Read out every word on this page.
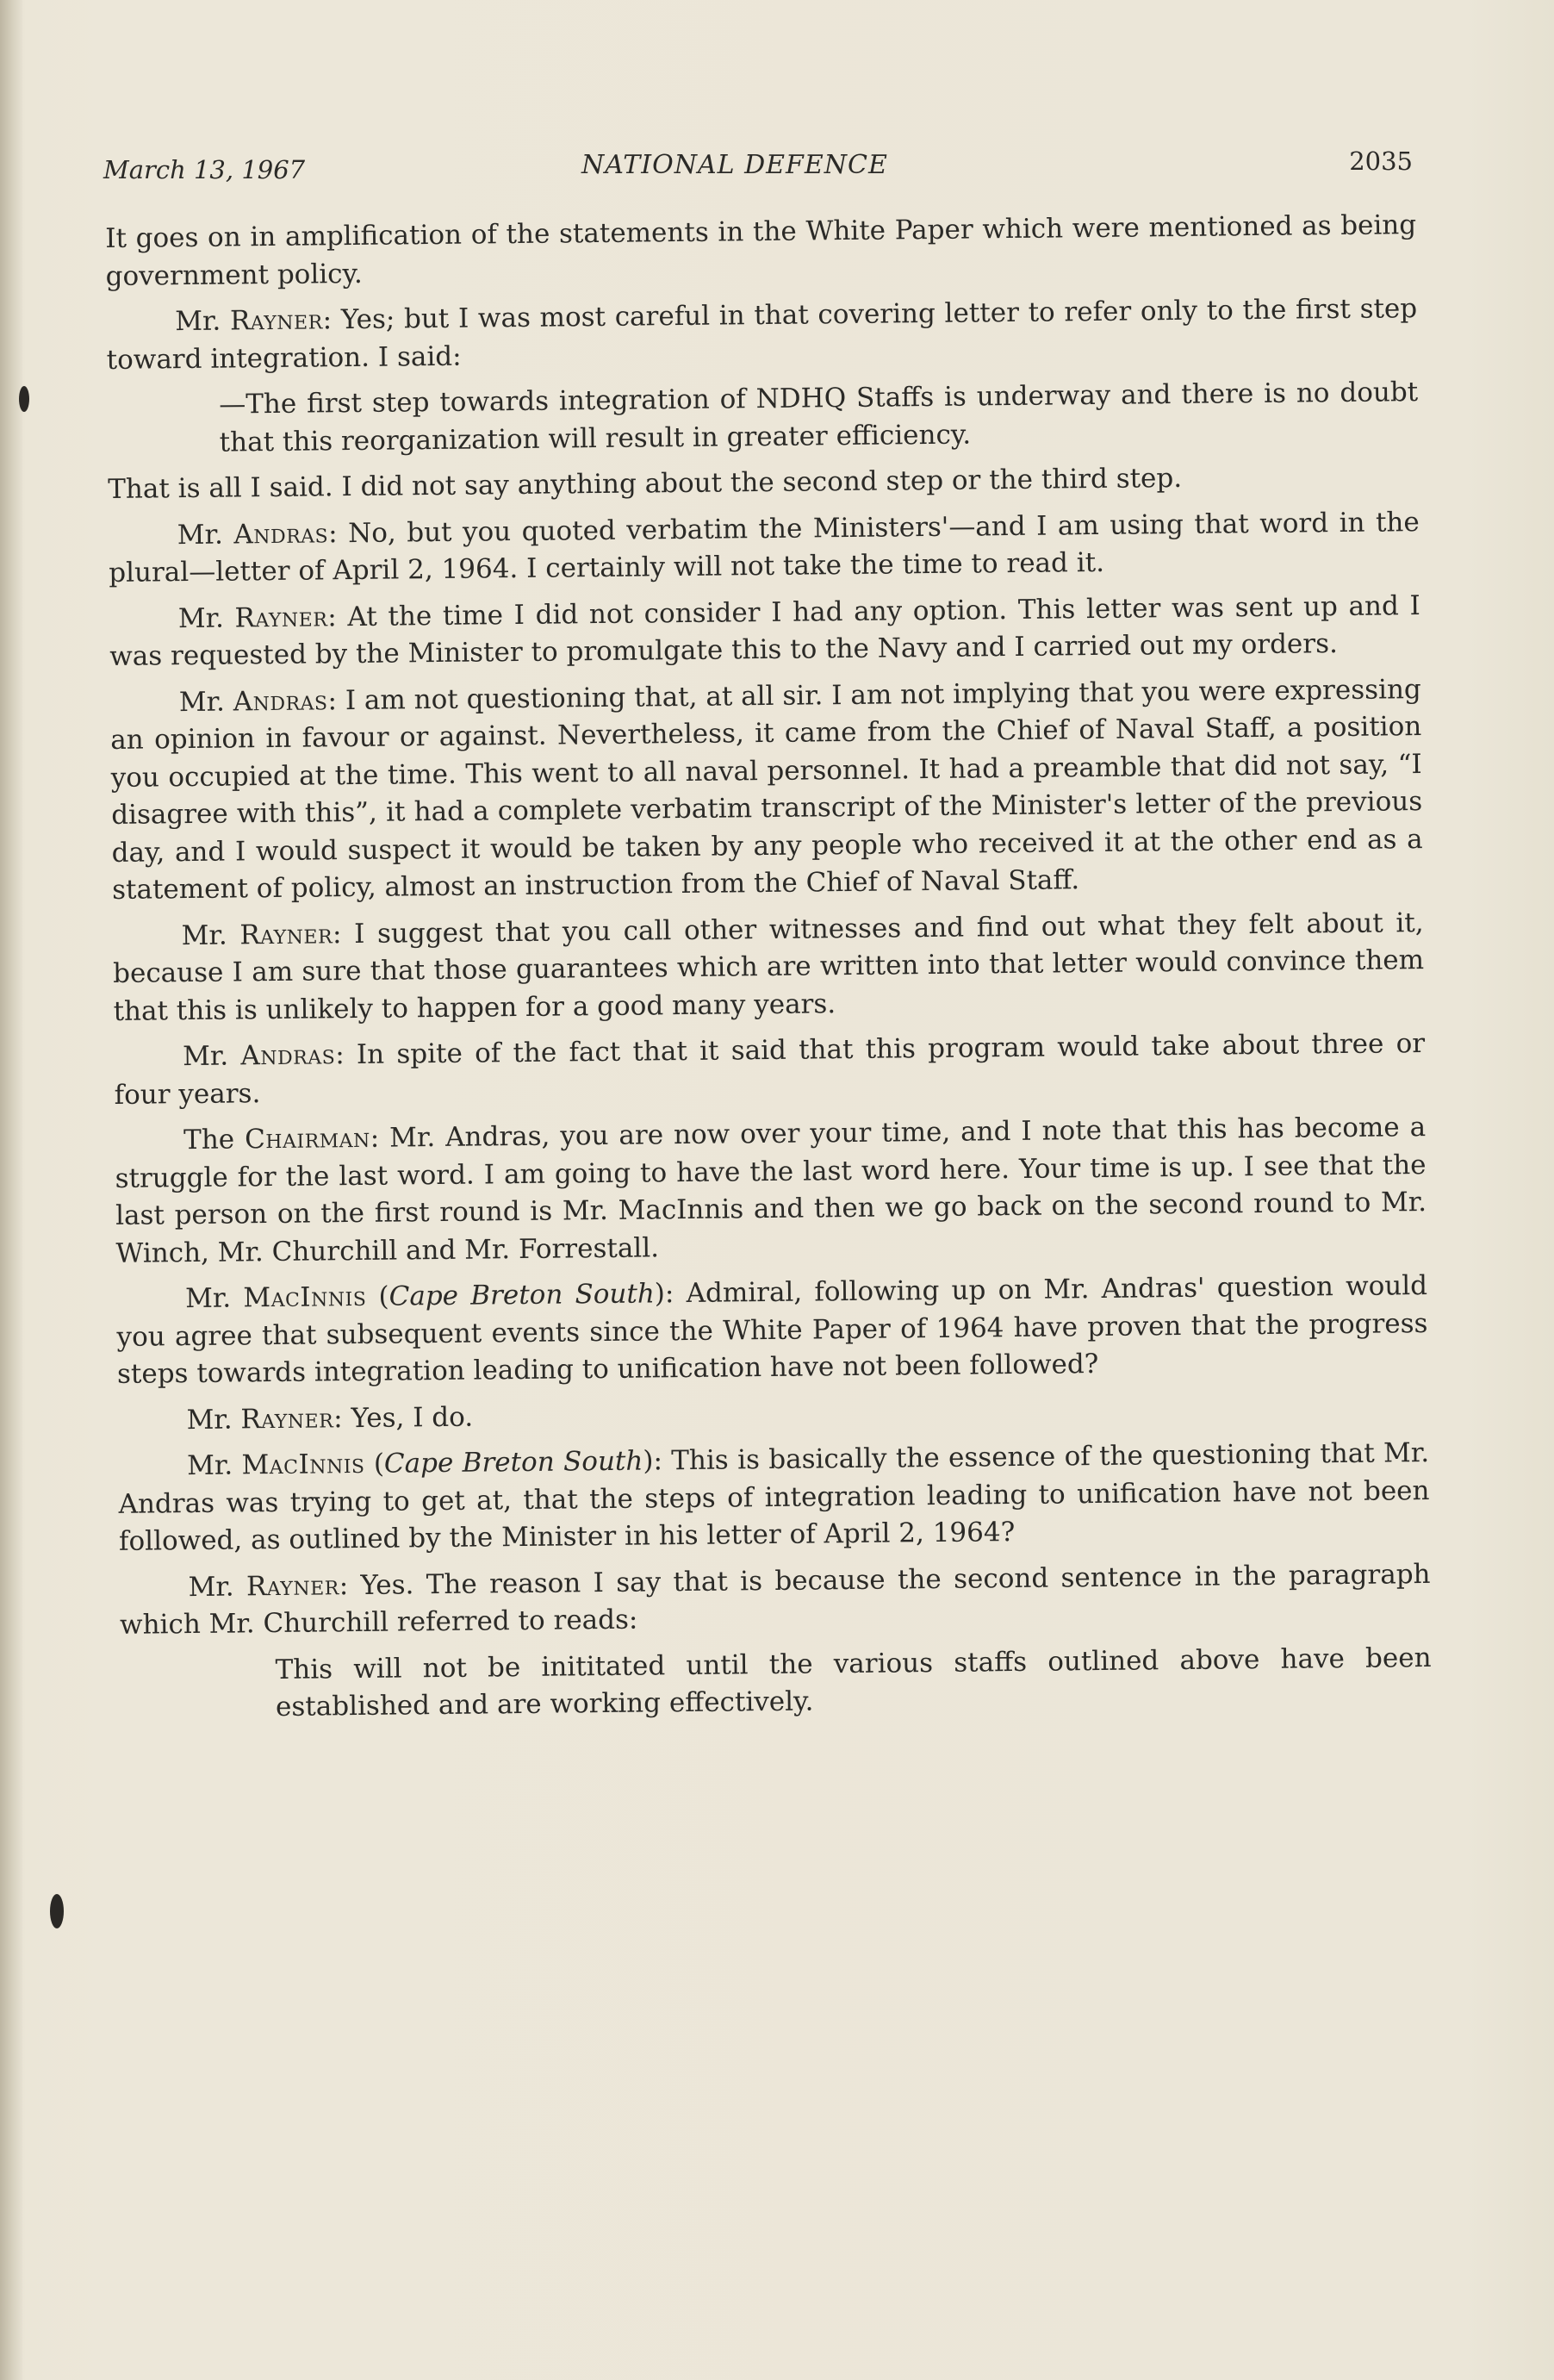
March 13, 1967	NATIONAL DEFENCE	2035

It goes on in amplification of the statements in the White Paper which were mentioned as being government policy.

Mr. Rayner: Yes; but I was most careful in that covering letter to refer only to the first step toward integration. I said:

—The first step towards integration of NDHQ Staffs is underway and there is no doubt that this reorganization will result in greater efficiency.

That is all I said. I did not say anything about the second step or the third step.

Mr. Andras: No, but you quoted verbatim the Ministers'—and I am using that word in the plural—letter of April 2, 1964. I certainly will not take the time to read it.

Mr. Rayner: At the time I did not consider I had any option. This letter was sent up and I was requested by the Minister to promulgate this to the Navy and I carried out my orders.

Mr. Andras: I am not questioning that, at all sir. I am not implying that you were expressing an opinion in favour or against. Nevertheless, it came from the Chief of Naval Staff, a position you occupied at the time. This went to all naval personnel. It had a preamble that did not say, “I disagree with this”, it had a complete verbatim transcript of the Minister's letter of the previous day, and I would suspect it would be taken by any people who received it at the other end as a statement of policy, almost an instruction from the Chief of Naval Staff.

Mr. Rayner: I suggest that you call other witnesses and find out what they felt about it, because I am sure that those guarantees which are written into that letter would convince them that this is unlikely to happen for a good many years.

Mr. Andras: In spite of the fact that it said that this program would take about three or four years.

The Chairman: Mr. Andras, you are now over your time, and I note that this has become a struggle for the last word. I am going to have the last word here. Your time is up. I see that the last person on the first round is Mr. MacInnis and then we go back on the second round to Mr. Winch, Mr. Churchill and Mr. Forrestall.

Mr. MacInnis (Cape Breton South): Admiral, following up on Mr. Andras' question would you agree that subsequent events since the White Paper of 1964 have proven that the progress steps towards integration leading to unification have not been followed?

Mr. Rayner: Yes, I do.

Mr. MacInnis (Cape Breton South): This is basically the essence of the questioning that Mr. Andras was trying to get at, that the steps of integration leading to unification have not been followed, as outlined by the Minister in his letter of April 2, 1964?

Mr. Rayner: Yes. The reason I say that is because the second sentence in the paragraph which Mr. Churchill referred to reads:

This will not be inititated until the various staffs outlined above have been established and are working effectively.
